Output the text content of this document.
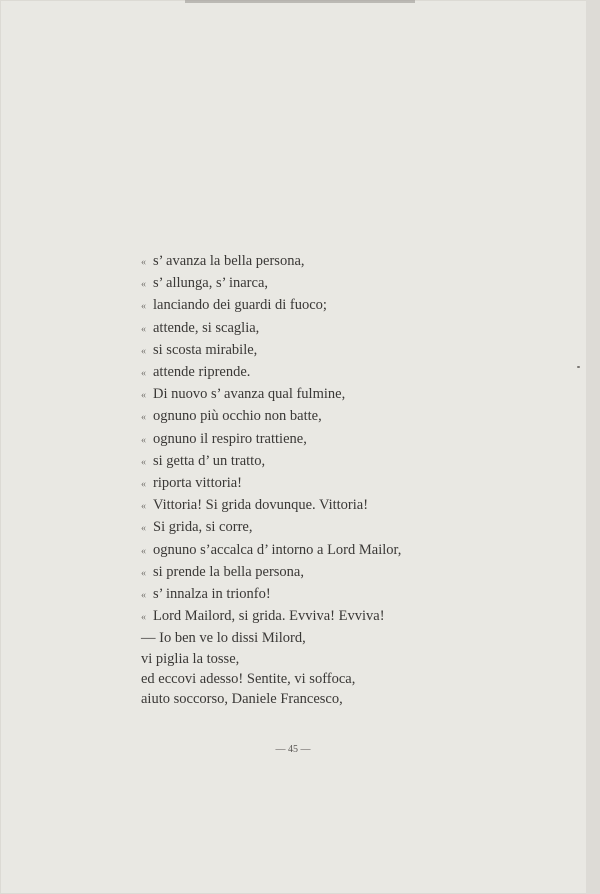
« s’ avanza la bella persona,
« s’ allunga, s’ inarca,
« lanciando dei guardi di fuoco;
« attende, si scaglia,
« si scosta mirabile,
« attende riprende.
« Di nuovo s’ avanza qual fulmine,
« ognuno più occhio non batte,
« ognuno il respiro trattiene,
« si getta d’ un tratto,
« riporta vittoria!
« Vittoria! Si grida dovunque. Vittoria!
« Si grida, si corre,
« ognuno s’accalca d’ intorno a Lord Mailor,
« si prende la bella persona,
« s’ innalza in trionfo!
« Lord Mailord, si grida. Evviva! Evviva!
— Io ben ve lo dissi Milord,
vi piglia la tosse,
ed eccovi adesso! Sentite, vi soffoca,
aiuto soccorso, Daniele Francesco,
— 45 —
